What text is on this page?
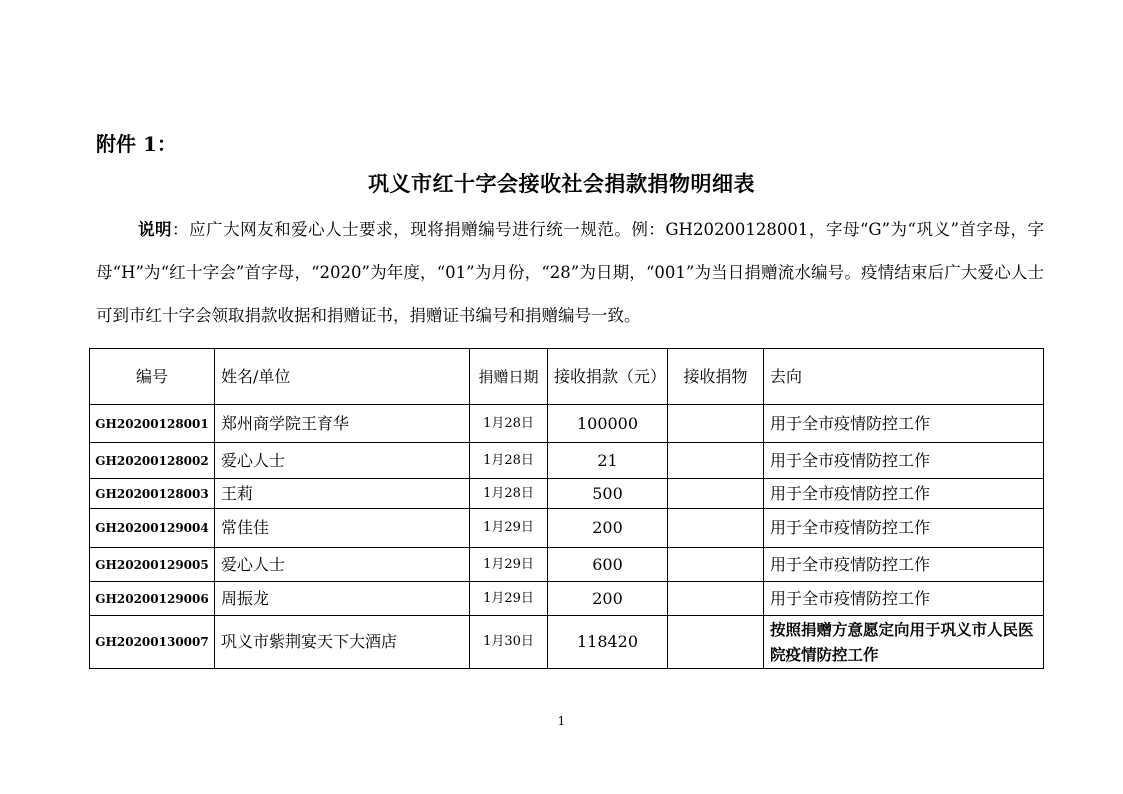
附件 1：
巩义市红十字会接收社会捐款捐物明细表
说明：应广大网友和爱心人士要求，现将捐赠编号进行统一规范。例：GH20200128001，字母“G”为“巩义”首字母，字母“H”为“红十字会”首字母，“2020”为年度，“01”为月份，“28”为日期，“001”为当日捐赠流水编号。疫情结束后广大爱心人士可到市红十字会领取捐款收据和捐赠证书，捐赠证书编号和捐赠编号一致。
编号	姓名/单位	捐赠日期	接收捐款（元）	接收捐物	去向
GH20200128001	郑州商学院王育华	1月28日	100000		用于全市疫情防控工作
GH20200128002	爱心人士	1月28日	21		用于全市疫情防控工作
GH20200128003	王莉	1月28日	500		用于全市疫情防控工作
GH20200129004	常佳佳	1月29日	200		用于全市疫情防控工作
GH20200129005	爱心人士	1月29日	600		用于全市疫情防控工作
GH20200129006	周振龙	1月29日	200		用于全市疫情防控工作
GH20200130007	巩义市紫荆宴天下大酒店	1月30日	118420		按照捐赠方意愿定向用于巩义市人民医院疫情防控工作
1
